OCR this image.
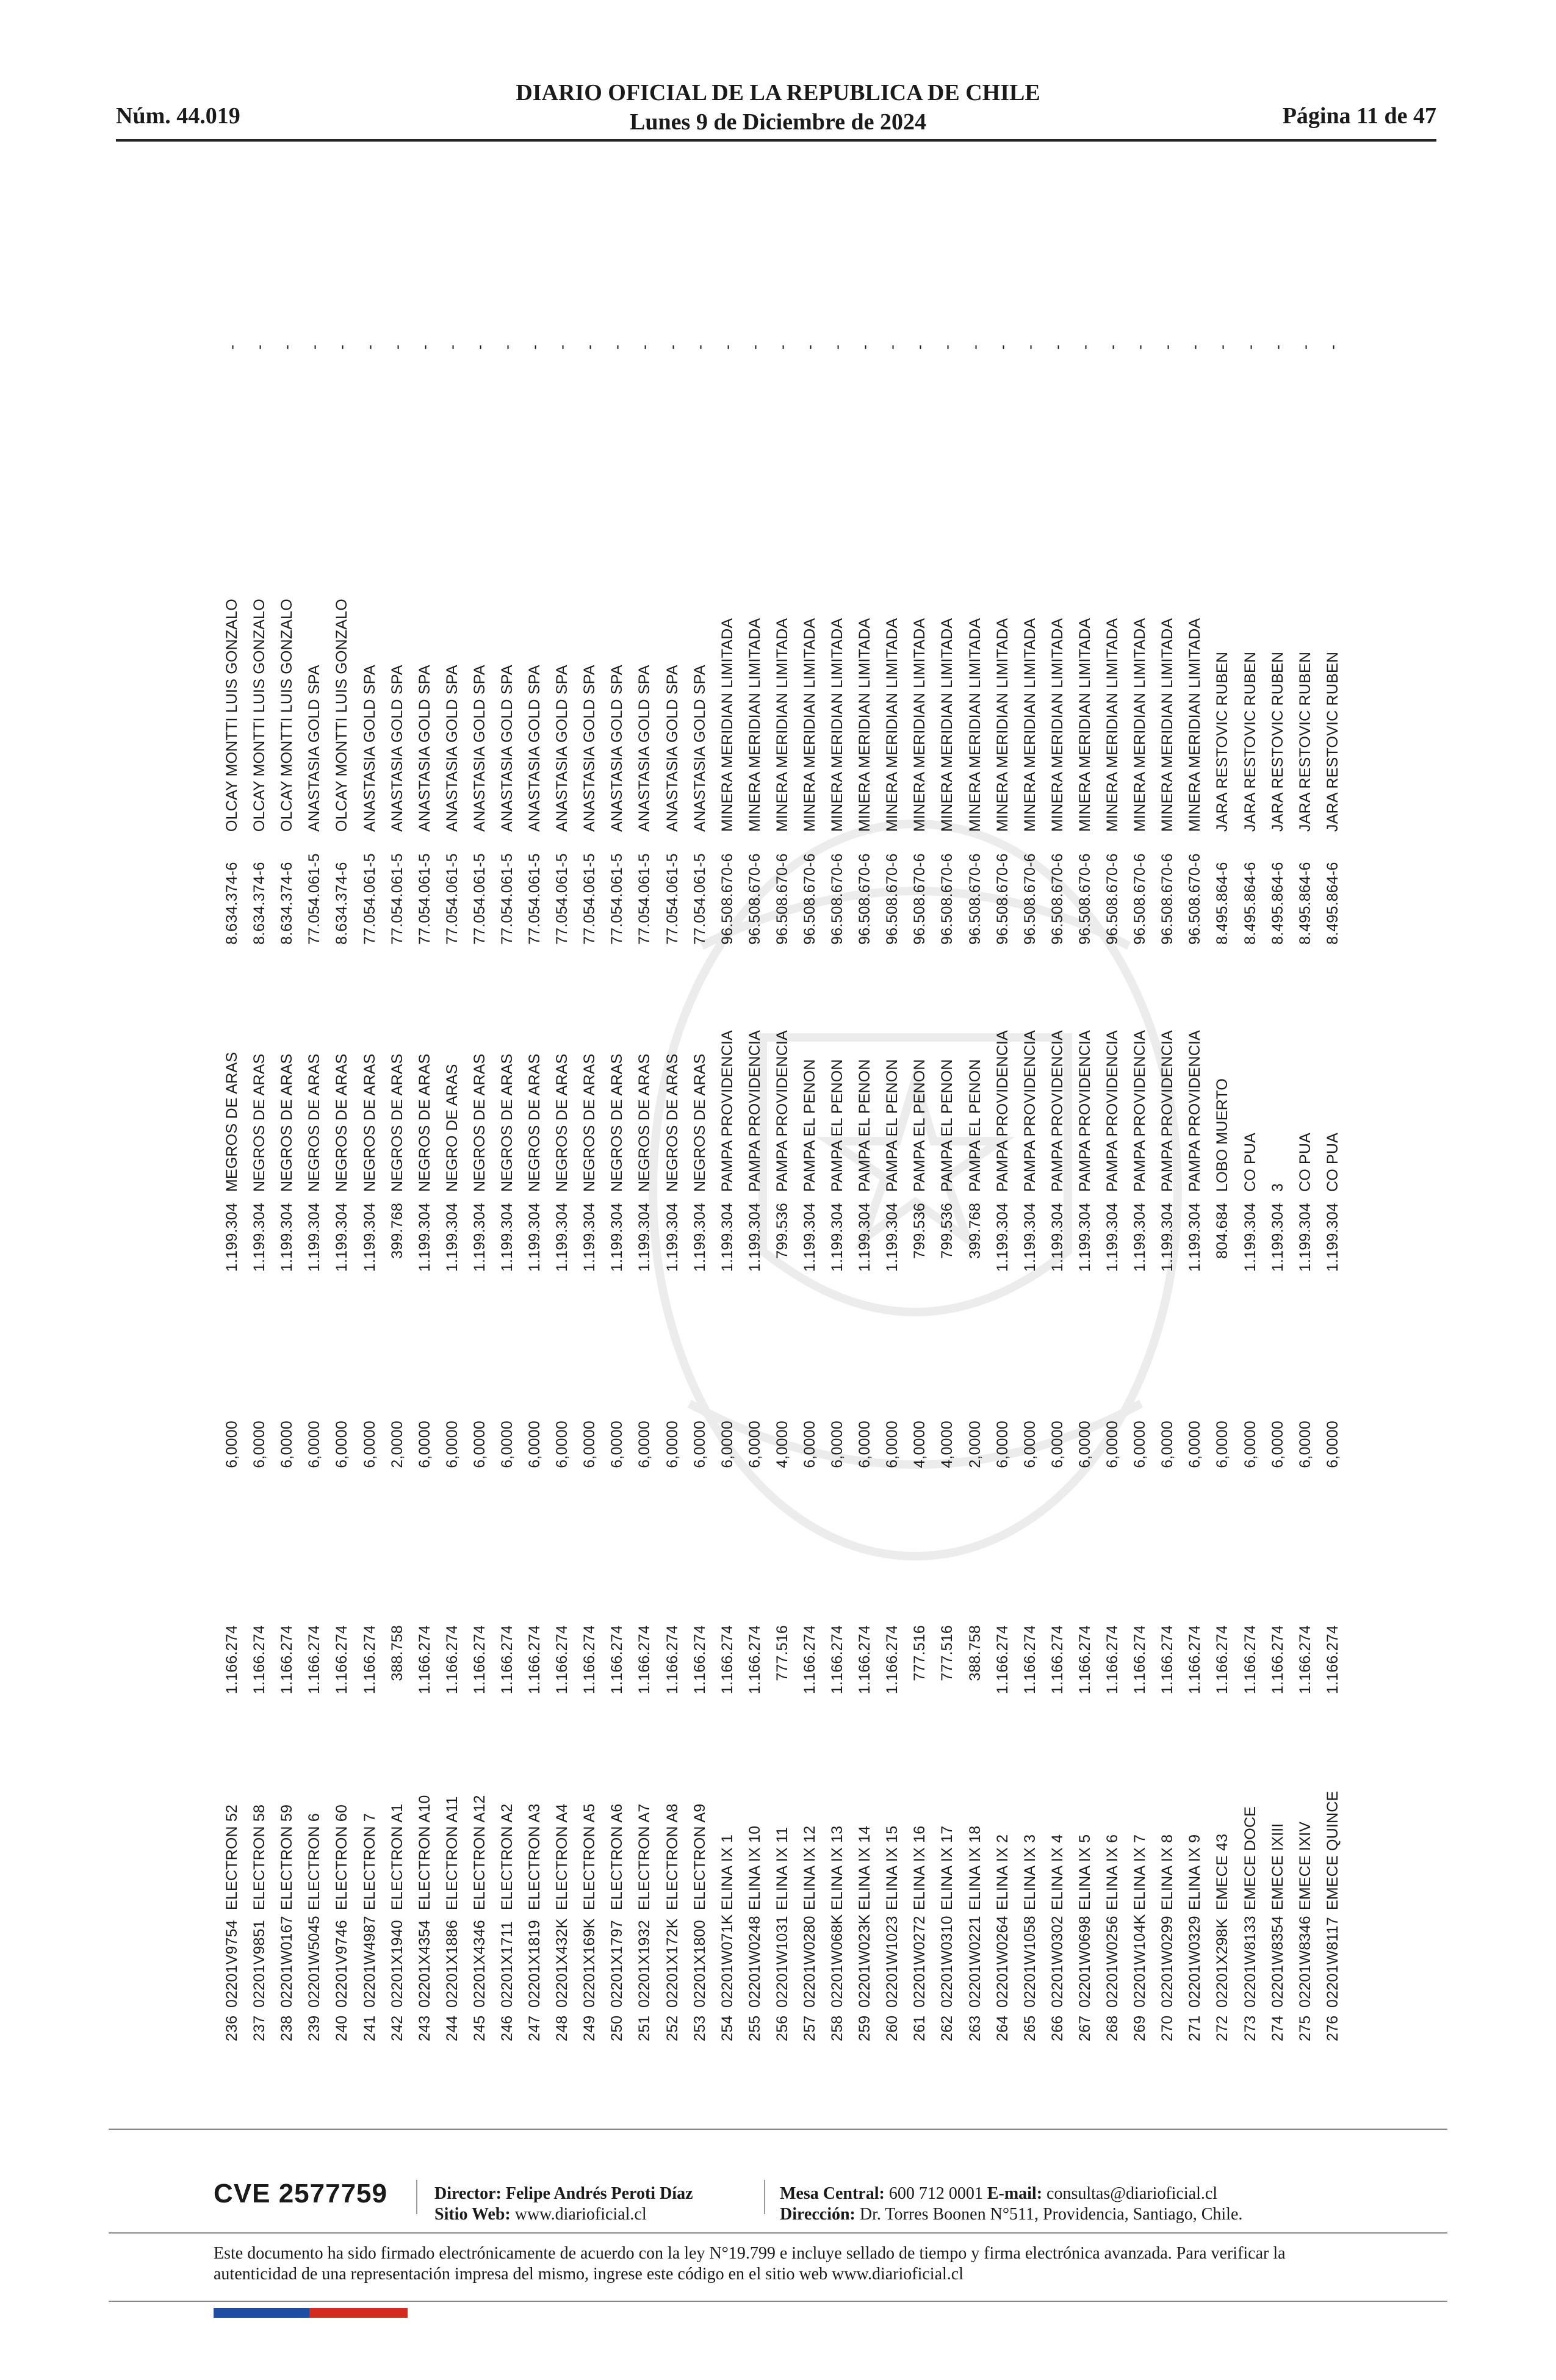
Núm. 44.019
DIARIO OFICIAL DE LA REPUBLICA DE CHILE
Lunes 9 de Diciembre de 2024	Página 11 de 47
236
02201V9754
ELECTRON 52
1.166.274
6,0000
1.199.304
MEGROS DE ARAS
8.634.374-6
OLCAY MONTTI LUIS GONZALO
-
237
02201V9851
ELECTRON 58
1.166.274
6,0000
1.199.304
NEGROS DE ARAS
8.634.374-6
OLCAY MONTTI LUIS GONZALO
-
238
02201W0167
ELECTRON 59
1.166.274
6,0000
1.199.304
NEGROS DE ARAS
8.634.374-6
OLCAY MONTTI LUIS GONZALO
-
239
02201W5045
ELECTRON 6
1.166.274
6,0000
1.199.304
NEGROS DE ARAS
77.054.061-5
ANASTASIA GOLD SPA
-
240
02201V9746
ELECTRON 60
1.166.274
6,0000
1.199.304
NEGROS DE ARAS
8.634.374-6
OLCAY MONTTI LUIS GONZALO
-
241
02201W4987
ELECTRON 7
1.166.274
6,0000
1.199.304
NEGROS DE ARAS
77.054.061-5
ANASTASIA GOLD SPA
-
242
02201X1940
ELECTRON A1
388.758
2,0000
399.768
NEGROS DE ARAS
77.054.061-5
ANASTASIA GOLD SPA
-
243
02201X4354
ELECTRON A10
1.166.274
6,0000
1.199.304
NEGROS DE ARAS
77.054.061-5
ANASTASIA GOLD SPA
-
244
02201X1886
ELECTRON A11
1.166.274
6,0000
1.199.304
NEGRO DE ARAS
77.054.061-5
ANASTASIA GOLD SPA
-
245
02201X4346
ELECTRON A12
1.166.274
6,0000
1.199.304
NEGROS DE ARAS
77.054.061-5
ANASTASIA GOLD SPA
-
246
02201X1711
ELECTRON A2
1.166.274
6,0000
1.199.304
NEGROS DE ARAS
77.054.061-5
ANASTASIA GOLD SPA
-
247
02201X1819
ELECTRON A3
1.166.274
6,0000
1.199.304
NEGROS DE ARAS
77.054.061-5
ANASTASIA GOLD SPA
-
248
02201X432K
ELECTRON A4
1.166.274
6,0000
1.199.304
NEGROS DE ARAS
77.054.061-5
ANASTASIA GOLD SPA
-
249
02201X169K
ELECTRON A5
1.166.274
6,0000
1.199.304
NEGROS DE ARAS
77.054.061-5
ANASTASIA GOLD SPA
-
250
02201X1797
ELECTRON A6
1.166.274
6,0000
1.199.304
NEGROS DE ARAS
77.054.061-5
ANASTASIA GOLD SPA
-
251
02201X1932
ELECTRON A7
1.166.274
6,0000
1.199.304
NEGROS DE ARAS
77.054.061-5
ANASTASIA GOLD SPA
-
252
02201X172K
ELECTRON A8
1.166.274
6,0000
1.199.304
NEGROS DE ARAS
77.054.061-5
ANASTASIA GOLD SPA
-
253
02201X1800
ELECTRON A9
1.166.274
6,0000
1.199.304
NEGROS DE ARAS
77.054.061-5
ANASTASIA GOLD SPA
-
254
02201W071K
ELINA IX 1
1.166.274
6,0000
1.199.304
PAMPA PROVIDENCIA
96.508.670-6
MINERA MERIDIAN LIMITADA
-
255
02201W0248
ELINA IX 10
1.166.274
6,0000
1.199.304
PAMPA PROVIDENCIA
96.508.670-6
MINERA MERIDIAN LIMITADA
-
256
02201W1031
ELINA IX 11
777.516
4,0000
799.536
PAMPA PROVIDENCIA
96.508.670-6
MINERA MERIDIAN LIMITADA
-
257
02201W0280
ELINA IX 12
1.166.274
6,0000
1.199.304
PAMPA EL PENON
96.508.670-6
MINERA MERIDIAN LIMITADA
-
258
02201W068K
ELINA IX 13
1.166.274
6,0000
1.199.304
PAMPA EL PENON
96.508.670-6
MINERA MERIDIAN LIMITADA
-
259
02201W023K
ELINA IX 14
1.166.274
6,0000
1.199.304
PAMPA EL PENON
96.508.670-6
MINERA MERIDIAN LIMITADA
-
260
02201W1023
ELINA IX 15
1.166.274
6,0000
1.199.304
PAMPA EL PENON
96.508.670-6
MINERA MERIDIAN LIMITADA
-
261
02201W0272
ELINA IX 16
777.516
4,0000
799.536
PAMPA EL PENON
96.508.670-6
MINERA MERIDIAN LIMITADA
-
262
02201W0310
ELINA IX 17
777.516
4,0000
799.536
PAMPA EL PENON
96.508.670-6
MINERA MERIDIAN LIMITADA
-
263
02201W0221
ELINA IX 18
388.758
2,0000
399.768
PAMPA EL PENON
96.508.670-6
MINERA MERIDIAN LIMITADA
-
264
02201W0264
ELINA IX 2
1.166.274
6,0000
1.199.304
PAMPA PROVIDENCIA
96.508.670-6
MINERA MERIDIAN LIMITADA
-
265
02201W1058
ELINA IX 3
1.166.274
6,0000
1.199.304
PAMPA PROVIDENCIA
96.508.670-6
MINERA MERIDIAN LIMITADA
-
266
02201W0302
ELINA IX 4
1.166.274
6,0000
1.199.304
PAMPA PROVIDENCIA
96.508.670-6
MINERA MERIDIAN LIMITADA
-
267
02201W0698
ELINA IX 5
1.166.274
6,0000
1.199.304
PAMPA PROVIDENCIA
96.508.670-6
MINERA MERIDIAN LIMITADA
-
268
02201W0256
ELINA IX 6
1.166.274
6,0000
1.199.304
PAMPA PROVIDENCIA
96.508.670-6
MINERA MERIDIAN LIMITADA
-
269
02201W104K
ELINA IX 7
1.166.274
6,0000
1.199.304
PAMPA PROVIDENCIA
96.508.670-6
MINERA MERIDIAN LIMITADA
-
270
02201W0299
ELINA IX 8
1.166.274
6,0000
1.199.304
PAMPA PROVIDENCIA
96.508.670-6
MINERA MERIDIAN LIMITADA
-
271
02201W0329
ELINA IX 9
1.166.274
6,0000
1.199.304
PAMPA PROVIDENCIA
96.508.670-6
MINERA MERIDIAN LIMITADA
-
272
02201X298K
EMECE 43
1.166.274
6,0000
804.684
LOBO MUERTO
8.495.864-6
JARA RESTOVIC RUBEN
-
273
02201W8133
EMECE DOCE
1.166.274
6,0000
1.199.304
CO PUA
8.495.864-6
JARA RESTOVIC RUBEN
-
274
02201W8354
EMECE IXIII
1.166.274
6,0000
1.199.304
3
8.495.864-6
JARA RESTOVIC RUBEN
-
275
02201W8346
EMECE IXIV
1.166.274
6,0000
1.199.304
CO PUA
8.495.864-6
JARA RESTOVIC RUBEN
-
276
02201W8117
EMECE QUINCE
1.166.274
6,0000
1.199.304
CO PUA
8.495.864-6
JARA RESTOVIC RUBEN
-
CVE 2577759	Director: Felipe Andrés Peroti Díaz
Sitio Web: www.diarioficial.cl
Mesa Central: 600 712 0001 E-mail: consultas@diarioficial.cl
Dirección: Dr. Torres Boonen N°511, Providencia, Santiago, Chile.
Este documento ha sido firmado electrónicamente de acuerdo con la ley N°19.799 e incluye sellado de tiempo y firma electrónica avanzada. Para verificar la autenticidad de una representación impresa del mismo, ingrese este código en el sitio web www.diarioficial.cl
